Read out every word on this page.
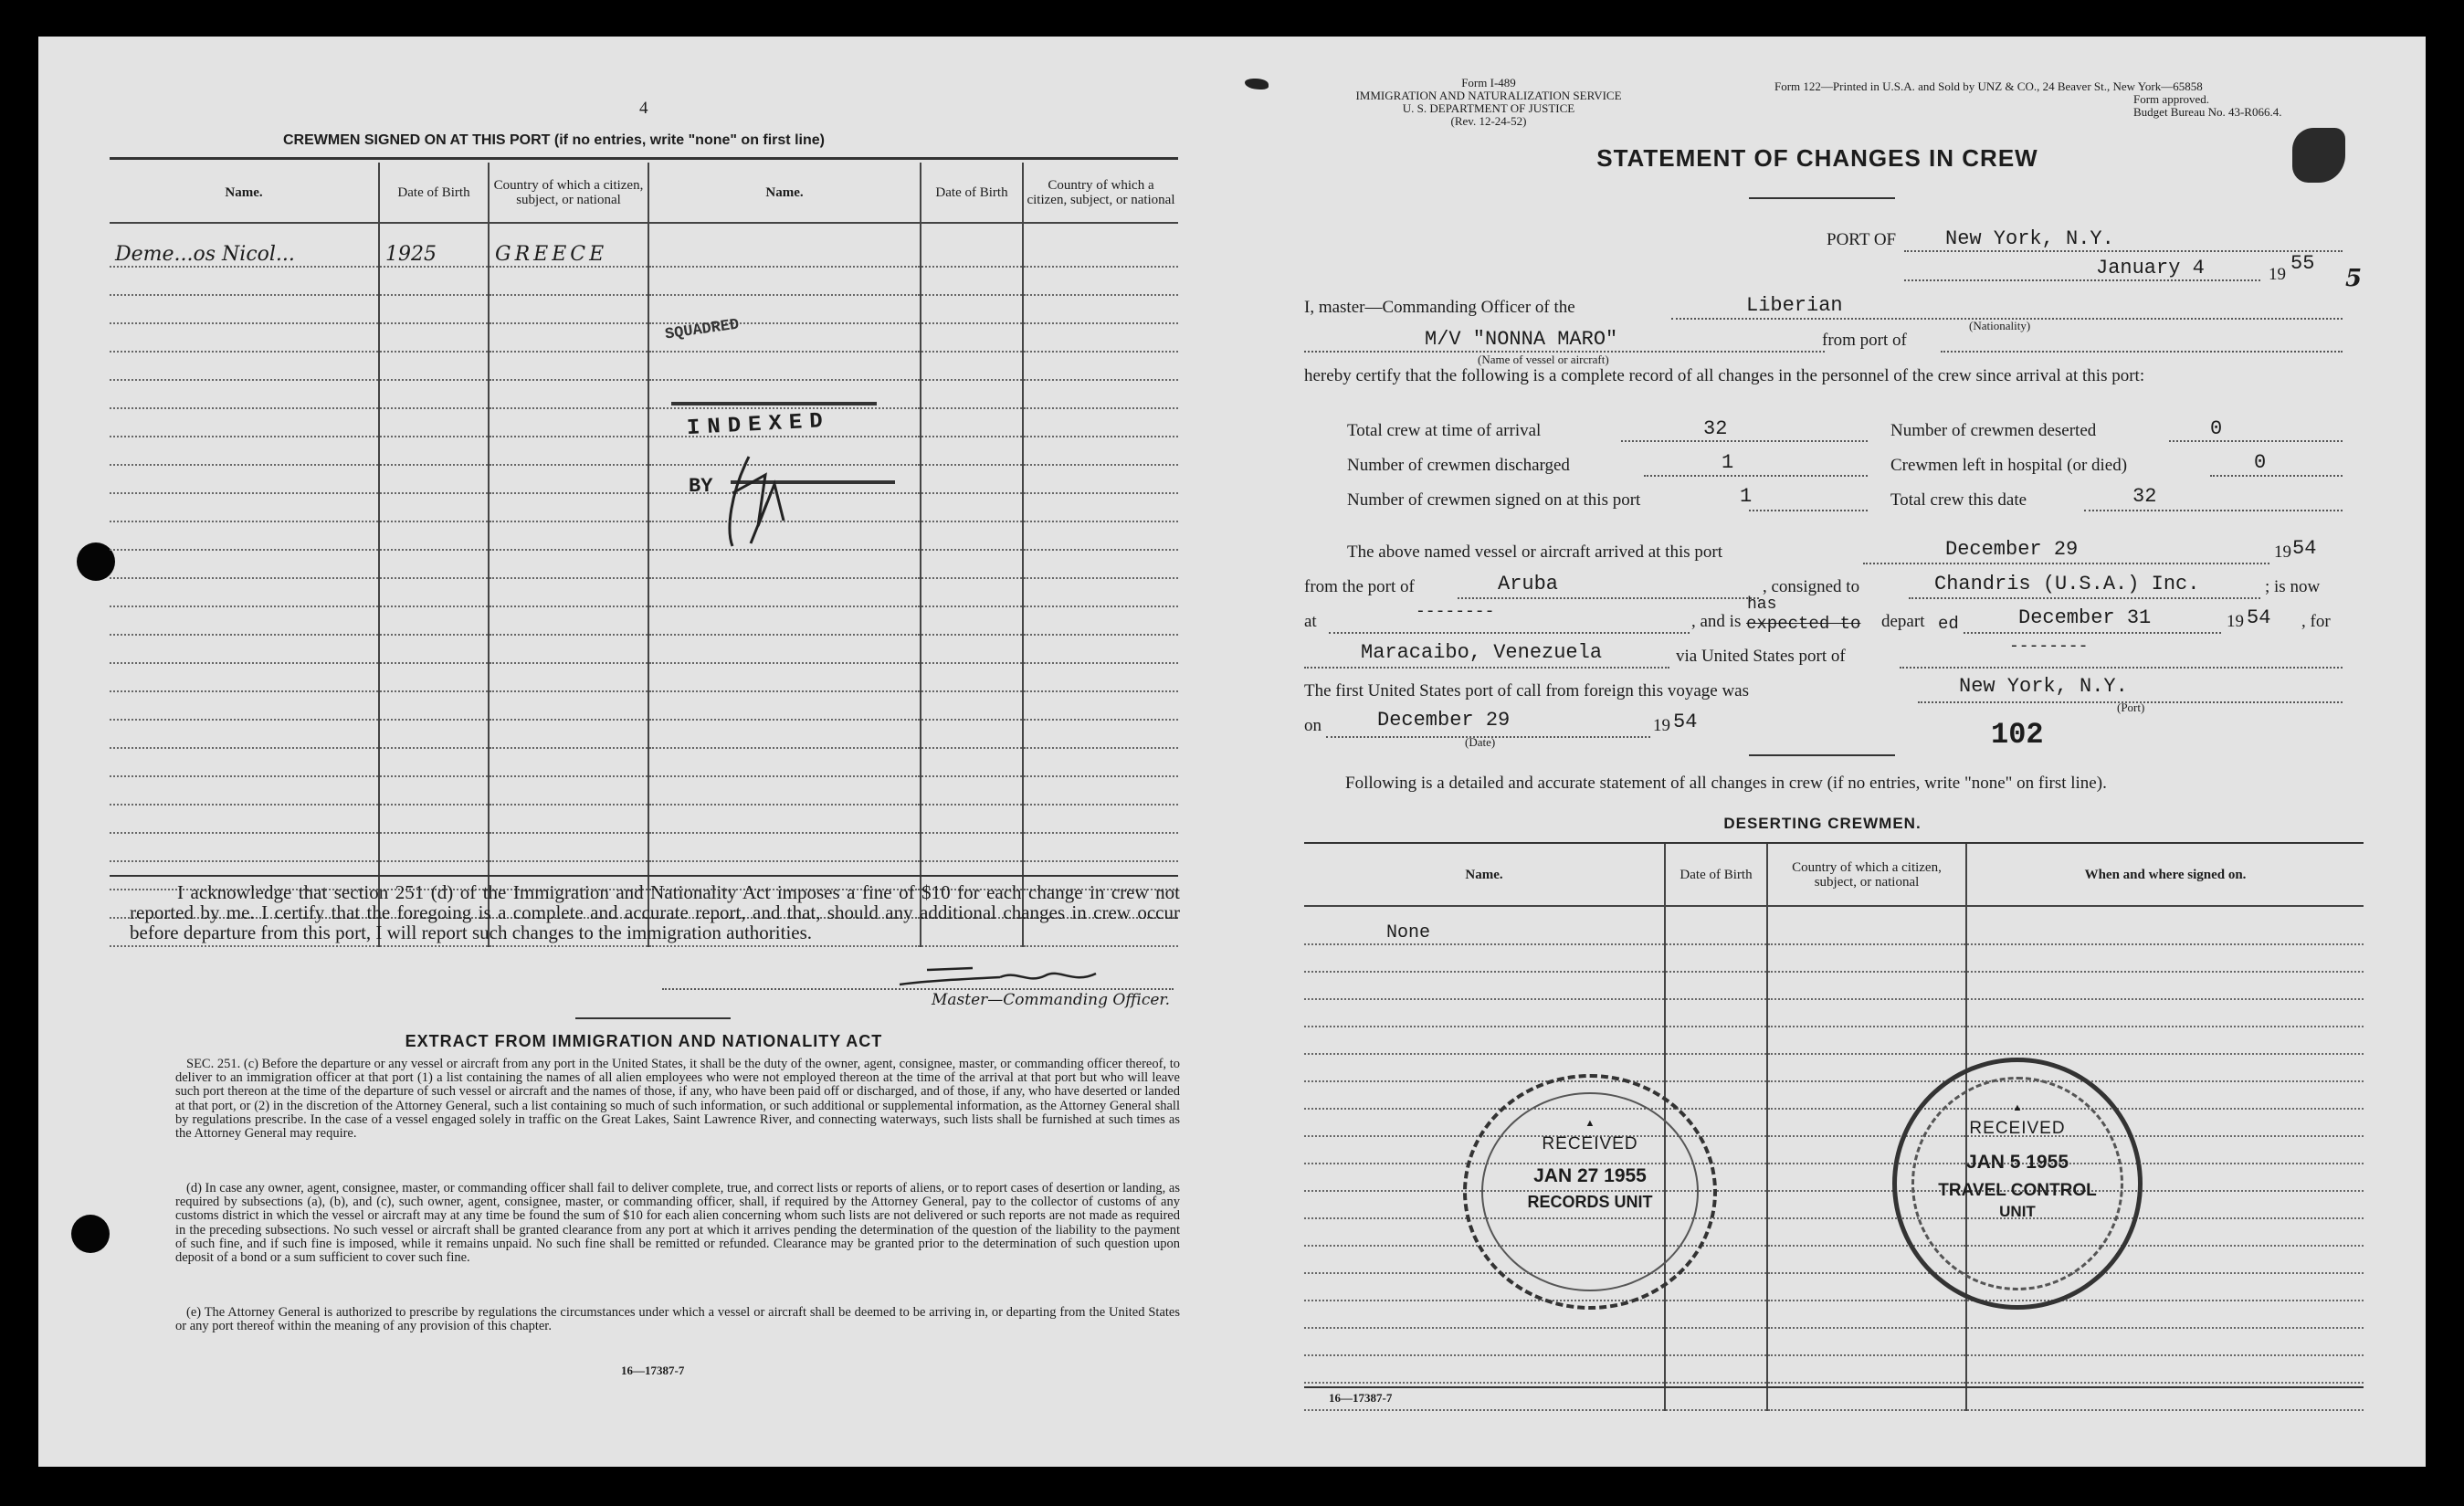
4
CREWMEN SIGNED ON AT THIS PORT (if no entries, write "none" on first line)
Name.	Date of Birth	Country of which a citizen, subject, or national	Name.	Date of Birth	Country of which a citizen, subject, or national
Deme...os Nicol...	1925	GREECE			

SQUADRED
INDEXED
BY
I acknowledge that section 251 (d) of the Immigration and Nationality Act imposes a fine of $10 for each change in crew not reported by me. I certify that the foregoing is a complete and accurate report, and that, should any additional changes in crew occur before departure from this port, I will report such changes to the immigration authorities.
Master—Commanding Officer.
EXTRACT FROM IMMIGRATION AND NATIONALITY ACT
SEC. 251. (c) Before the departure or any vessel or aircraft from any port in the United States, it shall be the duty of the owner, agent, consignee, master, or commanding officer thereof, to deliver to an immigration officer at that port (1) a list containing the names of all alien employees who were not employed thereon at the time of the arrival at that port but who will leave such port thereon at the time of the departure of such vessel or aircraft and the names of those, if any, who have been paid off or discharged, and of those, if any, who have deserted or landed at that port, or (2) in the discretion of the Attorney General, such a list containing so much of such information, or such additional or supplemental information, as the Attorney General shall by regulations prescribe. In the case of a vessel engaged solely in traffic on the Great Lakes, Saint Lawrence River, and connecting waterways, such lists shall be furnished at such times as the Attorney General may require.
(d) In case any owner, agent, consignee, master, or commanding officer shall fail to deliver complete, true, and correct lists or reports of aliens, or to report cases of desertion or landing, as required by subsections (a), (b), and (c), such owner, agent, consignee, master, or commanding officer, shall, if required by the Attorney General, pay to the collector of customs of any customs district in which the vessel or aircraft may at any time be found the sum of $10 for each alien concerning whom such lists are not delivered or such reports are not made as required in the preceding subsections. No such vessel or aircraft shall be granted clearance from any port at which it arrives pending the determination of the question of the liability to the payment of such fine, and if such fine is imposed, while it remains unpaid. No such fine shall be remitted or refunded. Clearance may be granted prior to the determination of such question upon deposit of a bond or a sum sufficient to cover such fine.
(e) The Attorney General is authorized to prescribe by regulations the circumstances under which a vessel or aircraft shall be deemed to be arriving in, or departing from the United States or any port thereof within the meaning of any provision of this chapter.
16—17387-7
Form I-489
IMMIGRATION AND NATURALIZATION SERVICE
U. S. DEPARTMENT OF JUSTICE
(Rev. 12-24-52)
Form 122—Printed in U.S.A. and Sold by UNZ & CO., 24 Beaver St., New York—65858
Form approved.
Budget Bureau No. 43-R066.4.
STATEMENT OF CHANGES IN CREW
PORT OF New York, N.Y.
January 4	19 55
5
I, master—Commanding Officer of the	Liberian
(Nationality)
M/V "NONNA MARO"
(Name of vessel or aircraft)
from port of
hereby certify that the following is a complete record of all changes in the personnel of the crew since arrival at this port:
Total crew at time of arrival	32	Number of crewmen deserted	0
Number of crewmen discharged	1	Crewmen left in hospital (or died)	0
Number of crewmen signed on at this port	1	Total crew this date	32
The above named vessel or aircraft arrived at this port	December 29	19 54
from the port of	Aruba	, consigned to	Chandris (U.S.A.) Inc.	; is now
at	--------	, and is
has
expected to depart ed	December 31	19 54 , for
Maracaibo, Venezuela	via United States port of	--------
The first United States port of call from foreign this voyage was	New York, N.Y.
(Port)
on	December 29
(Date)
19 54	102
Following is a detailed and accurate statement of all changes in crew (if no entries, write "none" on first line).
DESERTING CREWMEN.
Name.	Date of Birth	Country of which a citizen, subject, or national	When and where signed on.
None			

16—17387-7
▲
RECEIVED
JAN 27 1955
RECORDS UNIT
▲
RECEIVED
JAN 5 1955
TRAVEL CONTROL
UNIT
